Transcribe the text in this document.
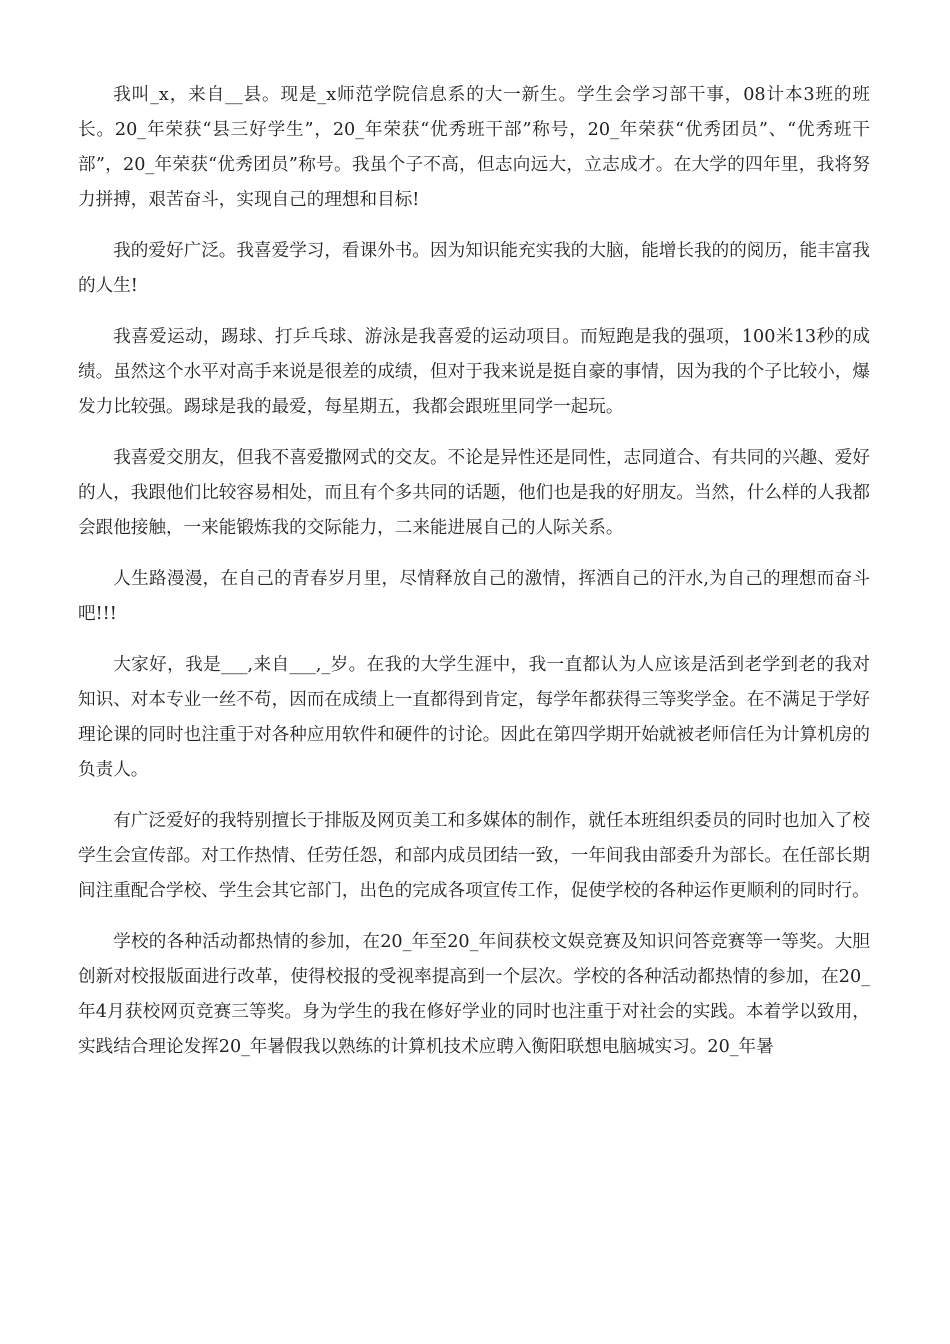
我叫_x，来自__县。现是_x师范学院信息系的大一新生。学生会学习部干事，08计本3班的班长。20_年荣获“县三好学生”，20_年荣获“优秀班干部”称号，20_年荣获“优秀团员”、“优秀班干部”，20_年荣获“优秀团员”称号。我虽个子不高，但志向远大，立志成才。在大学的四年里，我将努力拼搏，艰苦奋斗，实现自己的理想和目标!

我的爱好广泛。我喜爱学习，看课外书。因为知识能充实我的大脑，能增长我的的阅历，能丰富我的人生!

我喜爱运动，踢球、打乒乓球、游泳是我喜爱的运动项目。而短跑是我的强项，100米13秒的成绩。虽然这个水平对高手来说是很差的成绩，但对于我来说是挺自豪的事情，因为我的个子比较小，爆发力比较强。踢球是我的最爱，每星期五，我都会跟班里同学一起玩。

我喜爱交朋友，但我不喜爱撒网式的交友。不论是异性还是同性，志同道合、有共同的兴趣、爱好的人，我跟他们比较容易相处，而且有个多共同的话题，他们也是我的好朋友。当然，什么样的人我都会跟他接触，一来能锻炼我的交际能力，二来能进展自己的人际关系。

人生路漫漫，在自己的青春岁月里，尽情释放自己的激情，挥洒自己的汗水,为自己的理想而奋斗吧!!!

大家好，我是___,来自___,_岁。在我的大学生涯中，我一直都认为人应该是活到老学到老的我对知识、对本专业一丝不苟，因而在成绩上一直都得到肯定，每学年都获得三等奖学金。在不满足于学好理论课的同时也注重于对各种应用软件和硬件的讨论。因此在第四学期开始就被老师信任为计算机房的负责人。

有广泛爱好的我特别擅长于排版及网页美工和多媒体的制作，就任本班组织委员的同时也加入了校学生会宣传部。对工作热情、任劳任怨，和部内成员团结一致，一年间我由部委升为部长。在任部长期间注重配合学校、学生会其它部门，出色的完成各项宣传工作，促使学校的各种运作更顺利的同时行。

学校的各种活动都热情的参加，在20_年至20_年间获校文娱竞赛及知识问答竞赛等一等奖。大胆创新对校报版面进行改革，使得校报的受视率提高到一个层次。学校的各种活动都热情的参加，在20_年4月获校网页竞赛三等奖。身为学生的我在修好学业的同时也注重于对社会的实践。本着学以致用，实践结合理论发挥20_年暑假我以熟练的计算机技术应聘入衡阳联想电脑城实习。20_年暑
